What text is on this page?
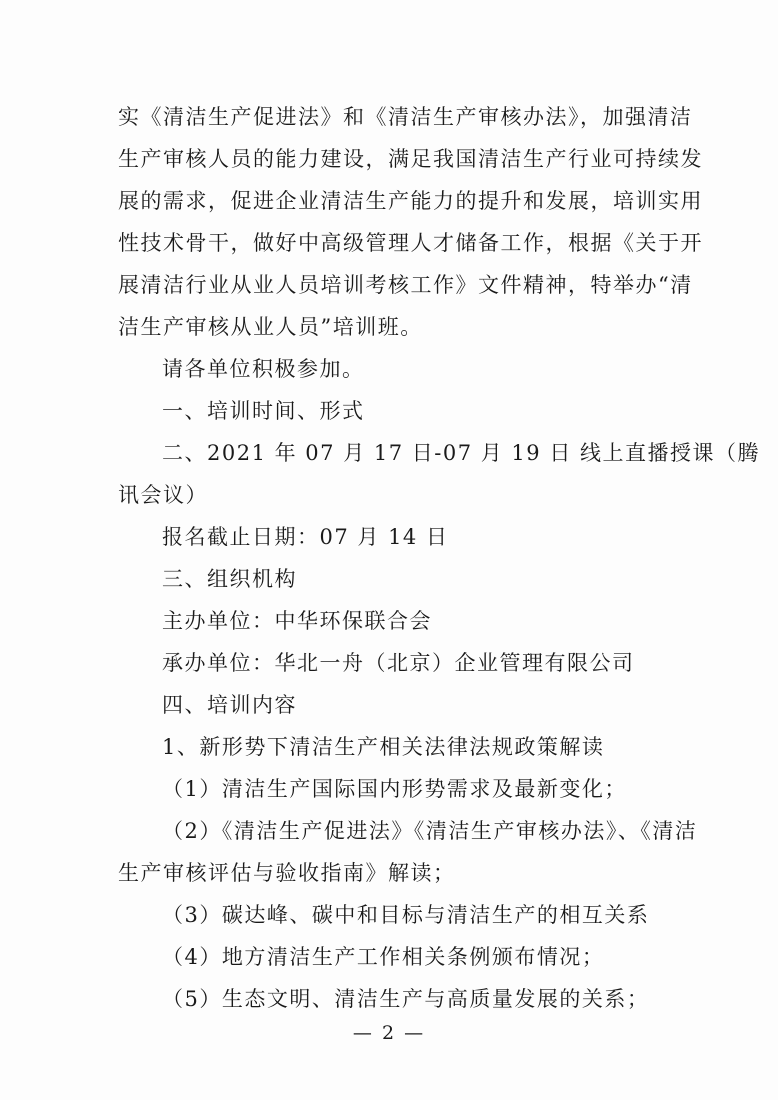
实《清洁生产促进法》和《清洁生产审核办法》，加强清洁
生产审核人员的能力建设，满足我国清洁生产行业可持续发
展的需求，促进企业清洁生产能力的提升和发展，培训实用
性技术骨干，做好中高级管理人才储备工作，根据《关于开
展清洁行业从业人员培训考核工作》文件精神，特举办“清
洁生产审核从业人员”培训班。
请各单位积极参加。
一、培训时间、形式
二、2021 年 07 月 17 日-07 月 19 日 线上直播授课（腾
讯会议）
报名截止日期：07 月 14 日
三、组织机构
主办单位：中华环保联合会
承办单位：华北一舟（北京）企业管理有限公司
四、培训内容
1、新形势下清洁生产相关法律法规政策解读
（1）清洁生产国际国内形势需求及最新变化；
（2）《清洁生产促进法》《清洁生产审核办法》、《清洁
生产审核评估与验收指南》解读；
（3）碳达峰、碳中和目标与清洁生产的相互关系
（4）地方清洁生产工作相关条例颁布情况；
（5）生态文明、清洁生产与高质量发展的关系；
— 2 —
